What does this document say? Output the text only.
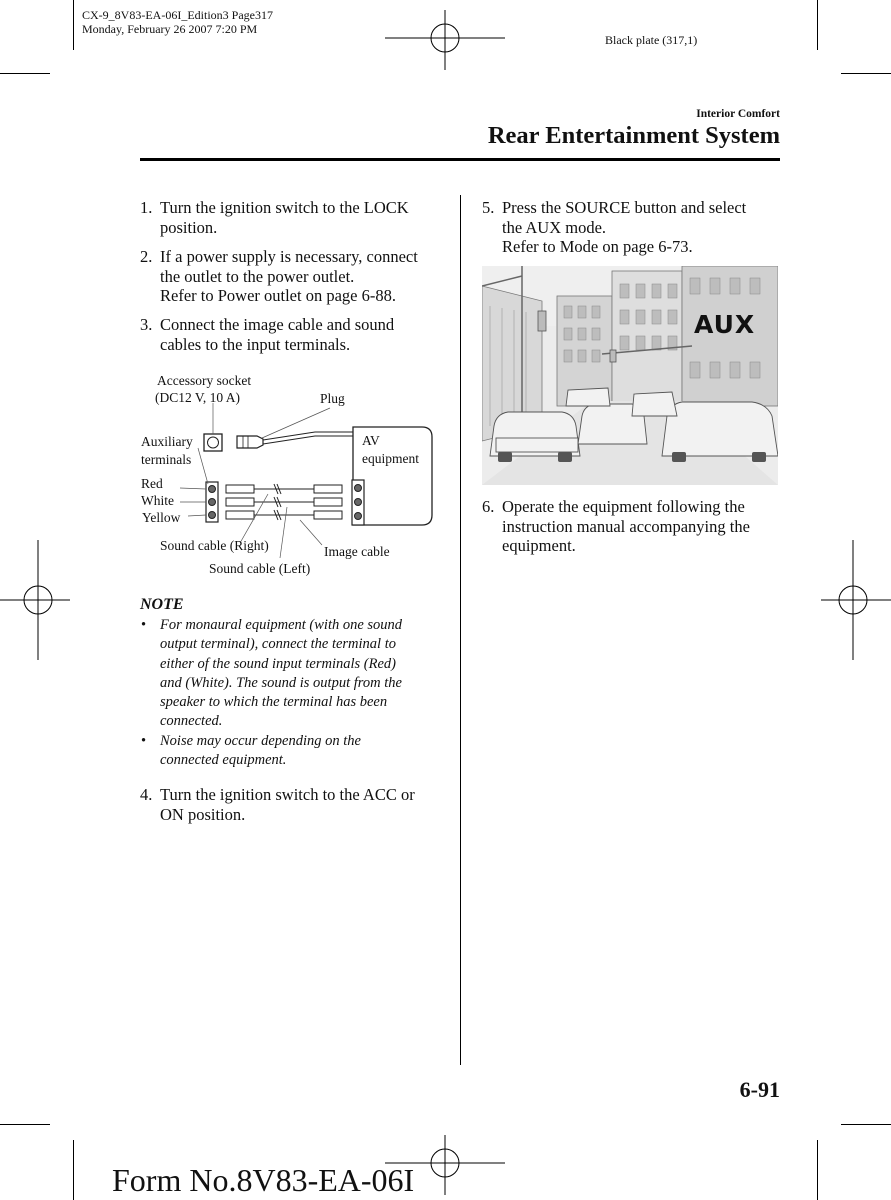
CX-9_8V83-EA-06I_Edition3 Page317
Monday, February 26 2007 7:20 PM
Black plate (317,1)
Interior Comfort
Rear Entertainment System
1. Turn the ignition switch to the LOCK
position.
2. If a power supply is necessary, connect
the outlet to the power outlet.
Refer to Power outlet on page 6-88.
3. Connect the image cable and sound
cables to the input terminals.
Accessory socket
(DC12 V, 10 A)	Plug
Auxiliary
terminals
AV
equipment
Red
White
Yellow
Sound cable (Right)	Image cable
Sound cable (Left)
NOTE
• For monaural equipment (with one sound
output terminal), connect the terminal to
either of the sound input terminals (Red)
and (White). The sound is output from the
speaker to which the terminal has been
connected.
• Noise may occur depending on the
connected equipment.
4. Turn the ignition switch to the ACC or
ON position.
5. Press the SOURCE button and select
the AUX mode.
Refer to Mode on page 6-73.
AUX
6. Operate the equipment following the
instruction manual accompanying the
equipment.
6-91
Form No.8V83-EA-06I
